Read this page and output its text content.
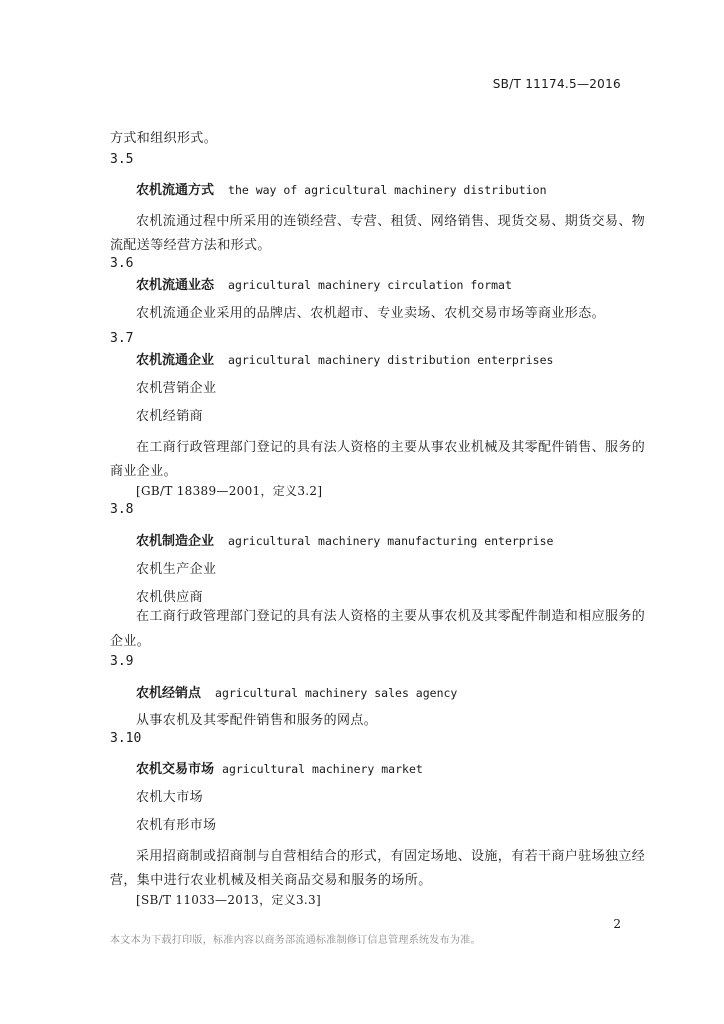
SB/T 11174.5—2016
方式和组织形式。
3.5
农机流通方式 the way of agricultural machinery distribution
农机流通过程中所采用的连锁经营、专营、租赁、网络销售、现货交易、期货交易、物
流配送等经营方法和形式。
3.6
农机流通业态 agricultural machinery circulation format
农机流通企业采用的品牌店、农机超市、专业卖场、农机交易市场等商业形态。
3.7
农机流通企业 agricultural machinery distribution enterprises
农机营销企业
农机经销商
在工商行政管理部门登记的具有法人资格的主要从事农业机械及其零配件销售、服务的
商业企业。
[GB/T 18389—2001，定义3.2]
3.8
农机制造企业 agricultural machinery manufacturing enterprise
农机生产企业
农机供应商
在工商行政管理部门登记的具有法人资格的主要从事农机及其零配件制造和相应服务的
企业。
3.9
农机经销点 agricultural machinery sales agency
从事农机及其零配件销售和服务的网点。
3.10
农机交易市场 agricultural machinery market
农机大市场
农机有形市场
采用招商制或招商制与自营相结合的形式，有固定场地、设施，有若干商户驻场独立经
营，集中进行农业机械及相关商品交易和服务的场所。
[SB/T 11033—2013，定义3.3]
2
本文本为下载打印版，标准内容以商务部流通标准制修订信息管理系统发布为准。
